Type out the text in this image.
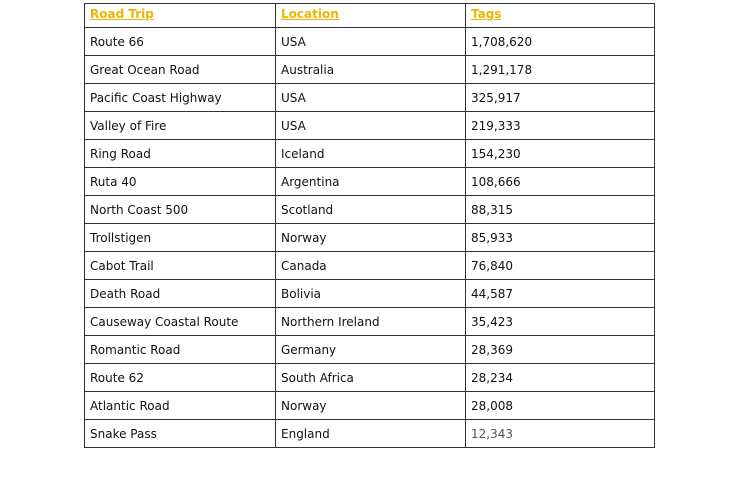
Road Trip	Location	Tags
Route 66	USA	1,708,620
Great Ocean Road	Australia	1,291,178
Pacific Coast Highway	USA	325,917
Valley of Fire	USA	219,333
Ring Road	Iceland	154,230
Ruta 40	Argentina	108,666
North Coast 500	Scotland	88,315
Trollstigen	Norway	85,933
Cabot Trail	Canada	76,840
Death Road	Bolivia	44,587
Causeway Coastal Route	Northern Ireland	35,423
Romantic Road	Germany	28,369
Route 62	South Africa	28,234
Atlantic Road	Norway	28,008
Snake Pass	England	12,343
